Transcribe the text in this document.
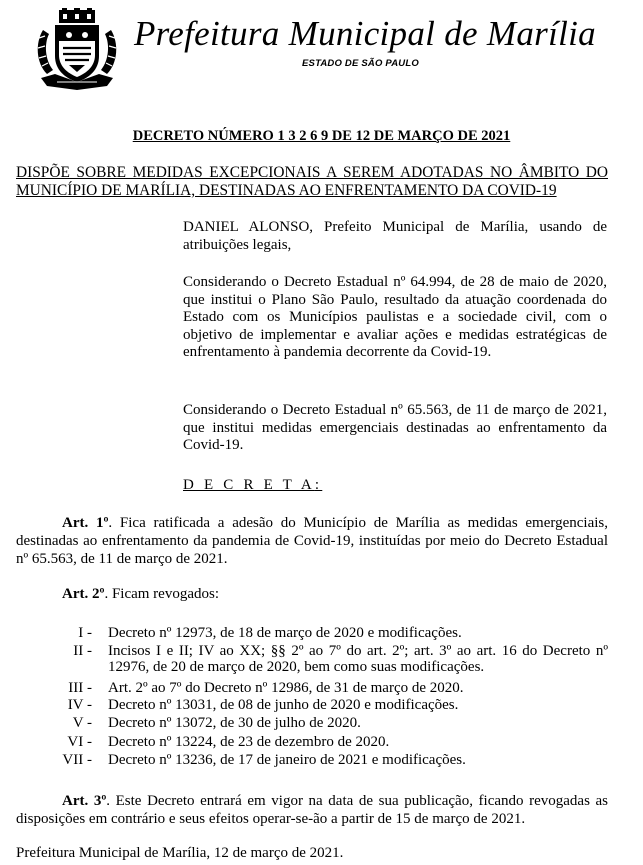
Prefeitura Municipal de Marília
ESTADO DE SÃO PAULO
DECRETO NÚMERO 1 3 2 6 9 DE 12 DE MARÇO DE 2021
DISPÕE SOBRE MEDIDAS EXCEPCIONAIS A SEREM ADOTADAS NO ÂMBITO DO MUNICÍPIO DE MARÍLIA, DESTINADAS AO ENFRENTAMENTO DA COVID-19
DANIEL ALONSO, Prefeito Municipal de Marília, usando de atribuições legais,
Considerando o Decreto Estadual nº 64.994, de 28 de maio de 2020, que institui o Plano São Paulo, resultado da atuação coordenada do Estado com os Municípios paulistas e a sociedade civil, com o objetivo de implementar e avaliar ações e medidas estratégicas de enfrentamento à pandemia decorrente da Covid-19.
Considerando o Decreto Estadual nº 65.563, de 11 de março de 2021, que institui medidas emergenciais destinadas ao enfrentamento da Covid-19.
D E C R E T A:
Art. 1º. Fica ratificada a adesão do Município de Marília as medidas emergenciais, destinadas ao enfrentamento da pandemia de Covid-19, instituídas por meio do Decreto Estadual nº 65.563, de 11 de março de 2021.
Art. 2º. Ficam revogados:
I - Decreto nº 12973, de 18 de março de 2020 e modificações.
II - Incisos I e II; IV ao XX; §§ 2º ao 7º do art. 2º; art. 3º ao art. 16 do Decreto nº 12976, de 20 de março de 2020, bem como suas modificações.
III - Art. 2º ao 7º do Decreto nº 12986, de 31 de março de 2020.
IV - Decreto nº 13031, de 08 de junho de 2020 e modificações.
V - Decreto nº 13072, de 30 de julho de 2020.
VI - Decreto nº 13224, de 23 de dezembro de 2020.
VII - Decreto nº 13236, de 17 de janeiro de 2021 e modificações.
Art. 3º. Este Decreto entrará em vigor na data de sua publicação, ficando revogadas as disposições em contrário e seus efeitos operar-se-ão a partir de 15 de março de 2021.
Prefeitura Municipal de Marília, 12 de março de 2021.
